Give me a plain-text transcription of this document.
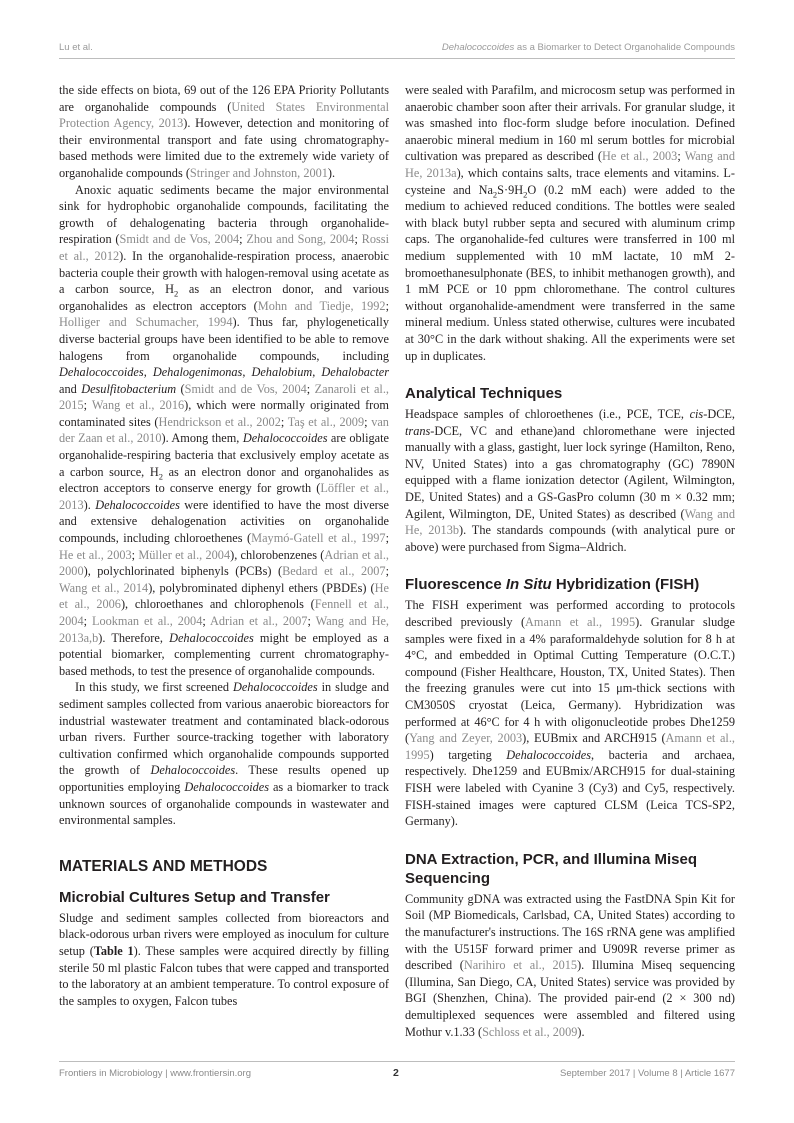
Lu et al.	Dehalococcoides as a Biomarker to Detect Organohalide Compounds

the side effects on biota, 69 out of the 126 EPA Priority Pollutants are organohalide compounds (United States Environmental Protection Agency, 2013). However, detection and monitoring of their environmental transport and fate using chromatography-based methods were limited due to the extremely wide variety of organohalide compounds (Stringer and Johnston, 2001).

Anoxic aquatic sediments became the major environmental sink for hydrophobic organohalide compounds, facilitating the growth of dehalogenating bacteria through organohalide-respiration (Smidt and de Vos, 2004; Zhou and Song, 2004; Rossi et al., 2012). In the organohalide-respiration process, anaerobic bacteria couple their growth with halogen-removal using acetate as a carbon source, $H_2$ as an electron donor, and various organohalides as electron acceptors (Mohn and Tiedje, 1992; Holliger and Schumacher, 1994). Thus far, phylogenetically diverse bacterial groups have been identified to be able to remove halogens from organohalide compounds, including Dehalococcoides, Dehalogenimonas, Dehalobium, Dehalobacter and Desulfitobacterium (Smidt and de Vos, 2004; Zanaroli et al., 2015; Wang et al., 2016), which were normally originated from contaminated sites (Hendrickson et al., 2002; Taş et al., 2009; van der Zaan et al., 2010). Among them, Dehalococcoides are obligate organohalide-respiring bacteria that exclusively employ acetate as a carbon source, $H_2$ as an electron donor and organohalides as electron acceptors to conserve energy for growth (Löffler et al., 2013). Dehalococcoides were identified to have the most diverse and extensive dehalogenation activities on organohalide compounds, including chloroethenes (Maymó-Gatell et al., 1997; He et al., 2003; Müller et al., 2004), chlorobenzenes (Adrian et al., 2000), polychlorinated biphenyls (PCBs) (Bedard et al., 2007; Wang et al., 2014), polybrominated diphenyl ethers (PBDEs) (He et al., 2006), chloroethanes and chlorophenols (Fennell et al., 2004; Lookman et al., 2004; Adrian et al., 2007; Wang and He, 2013a,b). Therefore, Dehalococcoides might be employed as a potential biomarker, complementing current chromatography-based methods, to test the presence of organohalide compounds.

In this study, we first screened Dehalococcoides in sludge and sediment samples collected from various anaerobic bioreactors for industrial wastewater treatment and contaminated black-odorous urban rivers. Further source-tracking together with laboratory cultivation confirmed which organohalide compounds supported the growth of Dehalococcoides. These results opened up opportunities employing Dehalococcoides as a biomarker to track unknown sources of organohalide compounds in wastewater and environmental samples.

MATERIALS AND METHODS
Microbial Cultures Setup and Transfer

Sludge and sediment samples collected from bioreactors and black-odorous urban rivers were employed as inoculum for culture setup (Table 1). These samples were acquired directly by filling sterile 50 ml plastic Falcon tubes that were capped and transported to the laboratory at an ambient temperature. To control exposure of the samples to oxygen, Falcon tubes

were sealed with Parafilm, and microcosm setup was performed in anaerobic chamber soon after their arrivals. For granular sludge, it was smashed into floc-form sludge before inoculation. Defined anaerobic mineral medium in 160 ml serum bottles for microbial cultivation was prepared as described (He et al., 2003; Wang and He, 2013a), which contains salts, trace elements and vitamins. L-cysteine and $Na_2S\cdot 9H_2O$ (0.2 mM each) were added to the medium to achieved reduced conditions. The bottles were sealed with black butyl rubber septa and secured with aluminum crimp caps. The organohalide-fed cultures were transferred in 100 ml medium supplemented with 10 mM lactate, 10 mM 2-bromoethanesulphonate (BES, to inhibit methanogen growth), and 1 mM PCE or 10 ppm chloromethane. The control cultures without organohalide-amendment were transferred in the same mineral medium. Unless stated otherwise, cultures were incubated at 30°C in the dark without shaking. All the experiments were set up in duplicates.

Analytical Techniques

Headspace samples of chloroethenes (i.e., PCE, TCE, cis-DCE, trans-DCE, VC and ethane)and chloromethane were injected manually with a glass, gastight, luer lock syringe (Hamilton, Reno, NV, United States) into a gas chromatography (GC) 7890N equipped with a flame ionization detector (Agilent, Wilmington, DE, United States) and a GS-GasPro column (30 m × 0.32 mm; Agilent, Wilmington, DE, United States) as described (Wang and He, 2013b). The standards compounds (with analytical pure or above) were purchased from Sigma–Aldrich.

Fluorescence In Situ Hybridization (FISH)

The FISH experiment was performed according to protocols described previously (Amann et al., 1995). Granular sludge samples were fixed in a 4% paraformaldehyde solution for 8 h at 4°C, and embedded in Optimal Cutting Temperature (O.C.T.) compound (Fisher Healthcare, Houston, TX, United States). Then the freezing granules were cut into 15 μm-thick sections with CM3050S cryostat (Leica, Germany). Hybridization was performed at 46°C for 4 h with oligonucleotide probes Dhe1259 (Yang and Zeyer, 2003), EUBmix and ARCH915 (Amann et al., 1995) targeting Dehalococcoides, bacteria and archaea, respectively. Dhe1259 and EUBmix/ARCH915 for dual-staining FISH were labeled with Cyanine 3 (Cy3) and Cy5, respectively. FISH-stained images were captured CLSM (Leica TCS-SP2, Germany).

DNA Extraction, PCR, and Illumina Miseq Sequencing

Community gDNA was extracted using the FastDNA Spin Kit for Soil (MP Biomedicals, Carlsbad, CA, United States) according to the manufacturer's instructions. The 16S rRNA gene was amplified with the U515F forward primer and U909R reverse primer as described (Narihiro et al., 2015). Illumina Miseq sequencing (Illumina, San Diego, CA, United States) service was provided by BGI (Shenzhen, China). The provided pair-end (2 × 300 nd) demultiplexed sequences were assembled and filtered using Mothur v.1.33 (Schloss et al., 2009).

Frontiers in Microbiology | www.frontiersin.org	2	September 2017 | Volume 8 | Article 1677
